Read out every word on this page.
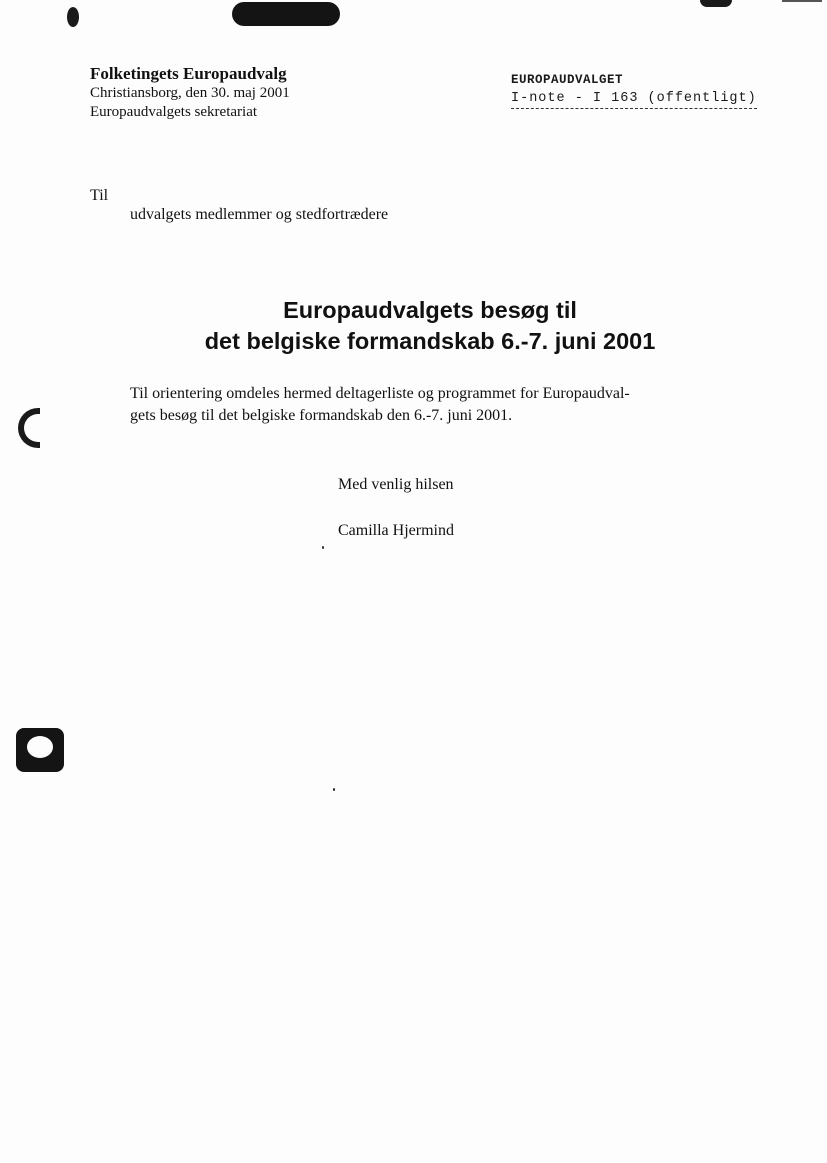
Folketingets Europaudvalg

Christiansborg, den 30. maj 2001

Europaudvalgets sekretariat

EUROPAUDVALGET
I-note - I 163 (offentligt)

Til

udvalgets medlemmer og stedfortrædere

Europaudvalgets besøg til
det belgiske formandskab 6.-7. juni 2001

Til orientering omdeles hermed deltagerliste og programmet for Europaudval-
gets besøg til det belgiske formandskab den 6.-7. juni 2001.

Med venlig hilsen

Camilla Hjermind
